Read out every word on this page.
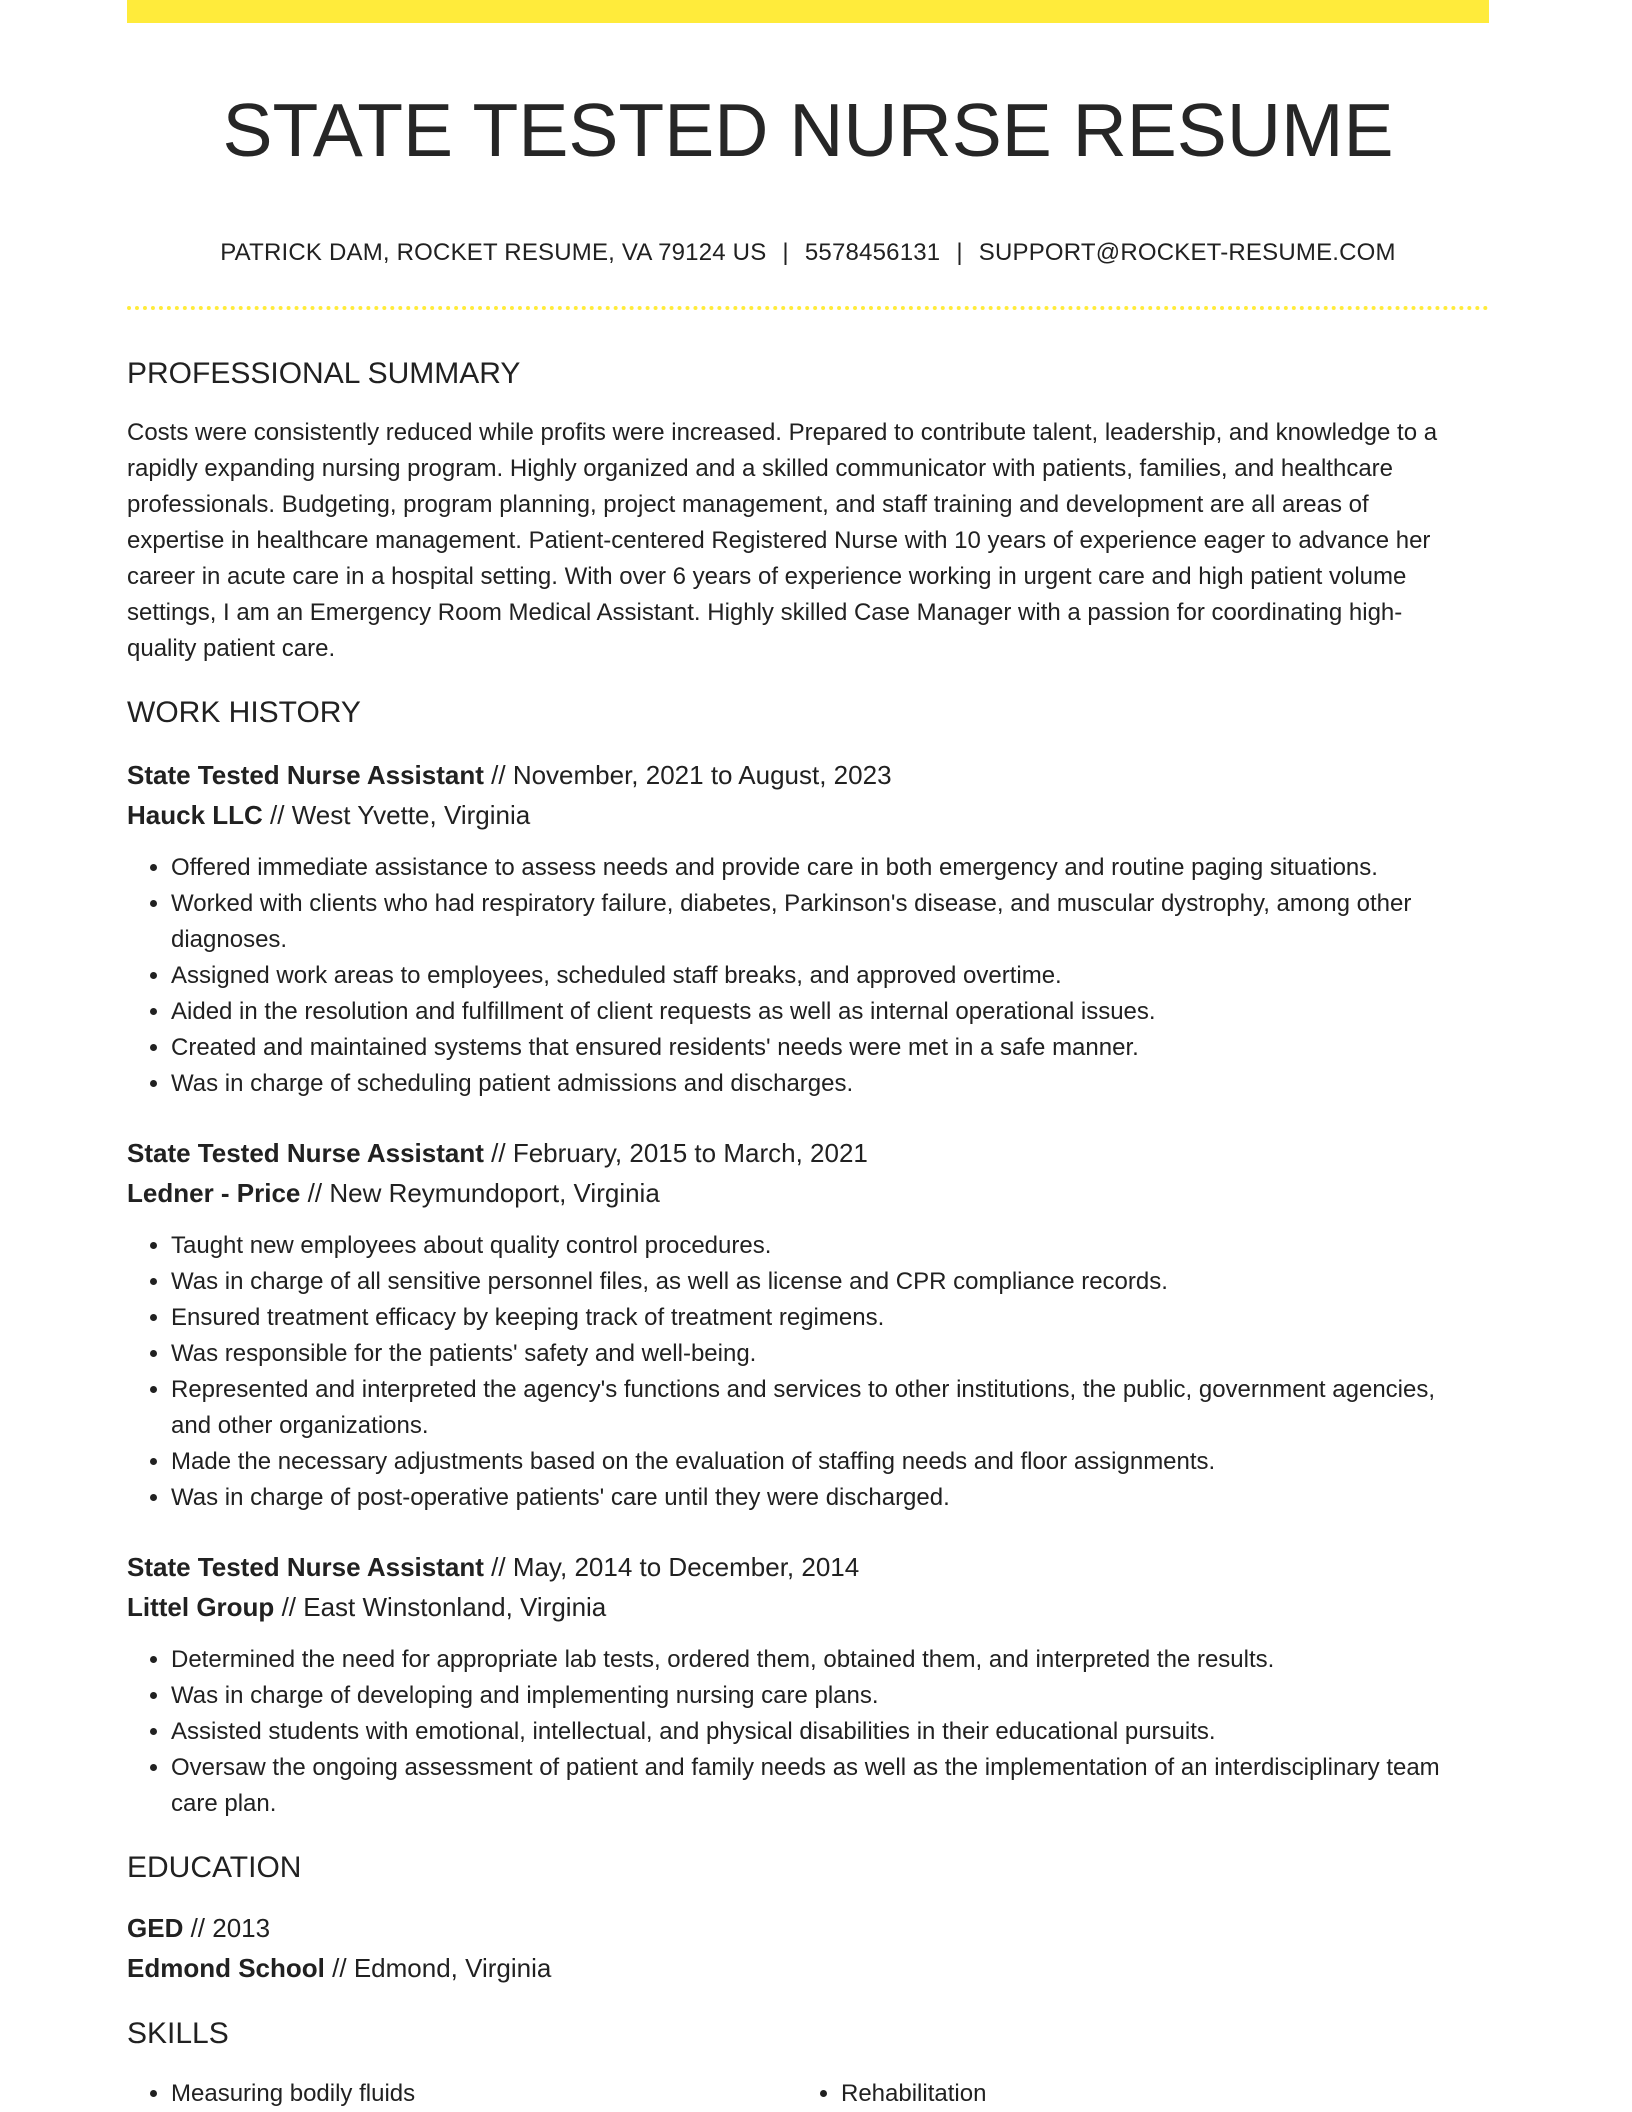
STATE TESTED NURSE RESUME
PATRICK DAM, ROCKET RESUME, VA 79124 US | 5578456131 | SUPPORT@ROCKET-RESUME.COM
PROFESSIONAL SUMMARY

Costs were consistently reduced while profits were increased. Prepared to contribute talent, leadership, and knowledge to a rapidly expanding nursing program. Highly organized and a skilled communicator with patients, families, and healthcare professionals. Budgeting, program planning, project management, and staff training and development are all areas of expertise in healthcare management. Patient-centered Registered Nurse with 10 years of experience eager to advance her career in acute care in a hospital setting. With over 6 years of experience working in urgent care and high patient volume settings, I am an Emergency Room Medical Assistant. Highly skilled Case Manager with a passion for coordinating high-quality patient care.

WORK HISTORY
State Tested Nurse Assistant // November, 2021 to August, 2023
Hauck LLC // West Yvette, Virginia
• Offered immediate assistance to assess needs and provide care in both emergency and routine paging situations.
• Worked with clients who had respiratory failure, diabetes, Parkinson's disease, and muscular dystrophy, among other diagnoses.
• Assigned work areas to employees, scheduled staff breaks, and approved overtime.
• Aided in the resolution and fulfillment of client requests as well as internal operational issues.
• Created and maintained systems that ensured residents' needs were met in a safe manner.
• Was in charge of scheduling patient admissions and discharges.
State Tested Nurse Assistant // February, 2015 to March, 2021
Ledner - Price // New Reymundoport, Virginia
• Taught new employees about quality control procedures.
• Was in charge of all sensitive personnel files, as well as license and CPR compliance records.
• Ensured treatment efficacy by keeping track of treatment regimens.
• Was responsible for the patients' safety and well-being.
• Represented and interpreted the agency's functions and services to other institutions, the public, government agencies, and other organizations.
• Made the necessary adjustments based on the evaluation of staffing needs and floor assignments.
• Was in charge of post-operative patients' care until they were discharged.
State Tested Nurse Assistant // May, 2014 to December, 2014
Littel Group // East Winstonland, Virginia
• Determined the need for appropriate lab tests, ordered them, obtained them, and interpreted the results.
• Was in charge of developing and implementing nursing care plans.
• Assisted students with emotional, intellectual, and physical disabilities in their educational pursuits.
• Oversaw the ongoing assessment of patient and family needs as well as the implementation of an interdisciplinary team care plan.
EDUCATION
GED // 2013
Edmond School // Edmond, Virginia
SKILLS
• Measuring bodily fluids
•	Rehabilitation
